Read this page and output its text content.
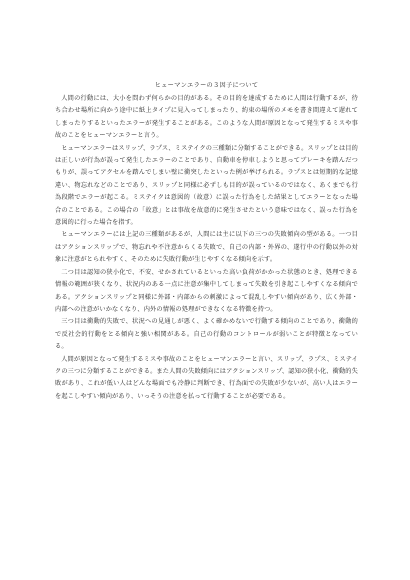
ヒューマンエラーの３因子について

人間の行動には、大小を問わず何らかの目的がある。その目的を達成するために人間は行動するが、待ち合わせ場所に向かう途中に紙上タイプに見入ってしまったり、約束の場所のメモを書き間違えて遅れてしまったりするといったエラーが発生することがある。このような人間が原因となって発生するミスや事故のことをヒューマンエラーと言う。

ヒューマンエラーはスリップ、ラプス、ミステイクの三種類に分類することができる。スリップとは目的は正しいが行為が誤って発生したエラーのことであり、自動車を停車しようと思ってブレーキを踏んだつもりが、誤ってアクセルを踏んでしまい壁に衝突したといった例が挙げられる。ラプスとは短期的な記憶違い、物忘れなどのことであり、スリップと同様に必ずしも目的が誤っているのではなく、あくまでも行為段階でエラーが起こる。ミステイクは意図的（故意）に誤った行為をした結果としてエラーとなった場合のことである。この場合の「故意」とは事故を故意的に発生させたという意味ではなく、誤った行為を意図的に行った場合を指す。

ヒューマンエラーには上記の三種類があるが、人間には主に以下の三つの失敗傾向の型がある。一つ目はアクションスリップで、物忘れや不注意からくる失敗で、自己の内部・外界の、遂行中の行動以外の対象に注意がとられやすく、そのために失敗行動が生じやすくなる傾向を示す。

二つ目は認知の狭小化で、不安、せかされているといった高い負荷がかかった状態のとき、処理できる情報の範囲が狭くなり、状況内のある一点に注意が集中してしまって失敗を引き起こしやすくなる傾向である。アクションスリップと同様に外部・内部からの刺激によって混乱しやすい傾向があり、広く外部・内部への注意がいかなくなり、内外の情報の処理ができなくなる特徴を持つ。

三つ目は衝動的失敗で、状況への見通しが悪く、よく確かめないで行動する傾向のことであり、衝動的で反社会的行動をとる傾向と強い相関がある。自己の行動のコントロールが弱いことが特徴となっている。

人間が原因となって発生するミスや事故のことをヒューマンエラーと言い、スリップ、ラプス、ミステイクの三つに分類することができる。また人間の失敗傾向にはアクションスリップ、認知の狭小化、衝動的失敗があり、これが低い人はどんな場面でも冷静に判断でき、行為面での失敗が少ないが、高い人はエラーを起こしやすい傾向があり、いっそうの注意を払って行動することが必要である。
